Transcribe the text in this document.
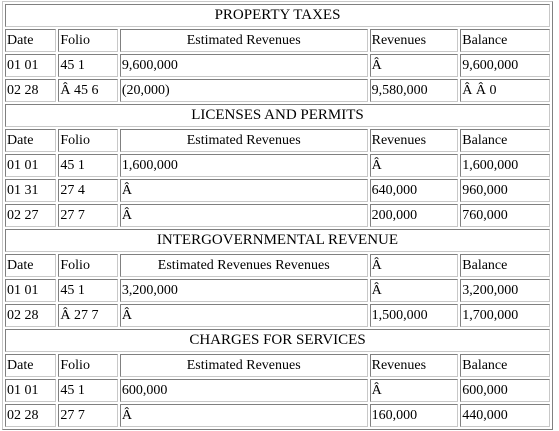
PROPERTY TAXES				
Date	Folio	Estimated Revenues	Revenues	Balance
01 01	45 1	9,600,000	Â	9,600,000
02 28	Â 45 6	(20,000)	9,580,000	Â Â 0
LICENSES AND PERMITS				
Date	Folio	Estimated Revenues	Revenues	Balance
01 01	45 1	1,600,000	Â	1,600,000
01 31	27 4	Â	640,000	960,000
02 27	27 7	Â	200,000	760,000
INTERGOVERNMENTAL REVENUE				
Date	Folio	Estimated Revenues Revenues	Â	Balance
01 01	45 1	3,200,000	Â	3,200,000
02 28	Â 27 7	Â	1,500,000	1,700,000
CHARGES FOR SERVICES				
Date	Folio	Estimated Revenues	Revenues	Balance
01 01	45 1	600,000	Â	600,000
02 28	27 7	Â	160,000	440,000
